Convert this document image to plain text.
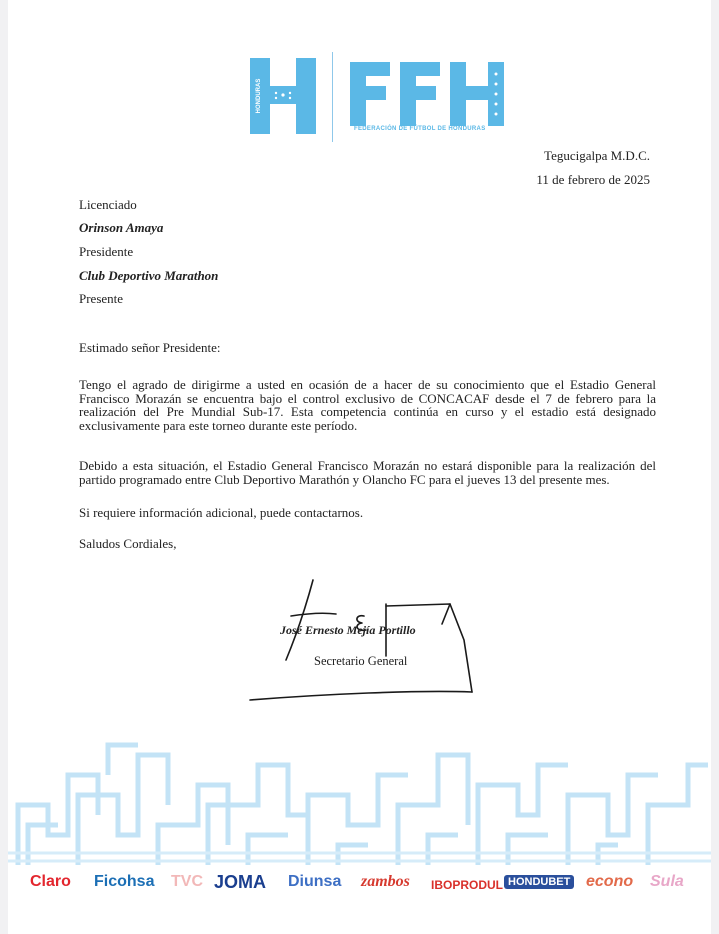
HONDURAS
FEDERACIÓN DE FÚTBOL DE HONDURAS
Tegucigalpa M.D.C.
11 de febrero de 2025
Licenciado
Orinson Amaya
Presidente
Club Deportivo Marathon
Presente
Estimado señor Presidente:
Tengo el agrado de dirigirme a usted en ocasión de a hacer de su conocimiento que el Estadio General Francisco Morazán se encuentra bajo el control exclusivo de CONCACAF desde el 7 de febrero para la realización del Pre Mundial Sub-17. Esta competencia continúa en curso y el estadio está designado exclusivamente para este torneo durante este período.
Debido a esta situación, el Estadio General Francisco Morazán no estará disponible para la realización del partido programado entre Club Deportivo Marathón y Olancho FC para el jueves 13 del presente mes.
Si requiere información adicional, puede contactarnos.
Saludos Cordiales,
José Ernesto Mejía Portillo
Secretario General
Claro Ficohsa TVC JOMA Diunsa zambos IBOPRODUL HONDUBET econo Sula
